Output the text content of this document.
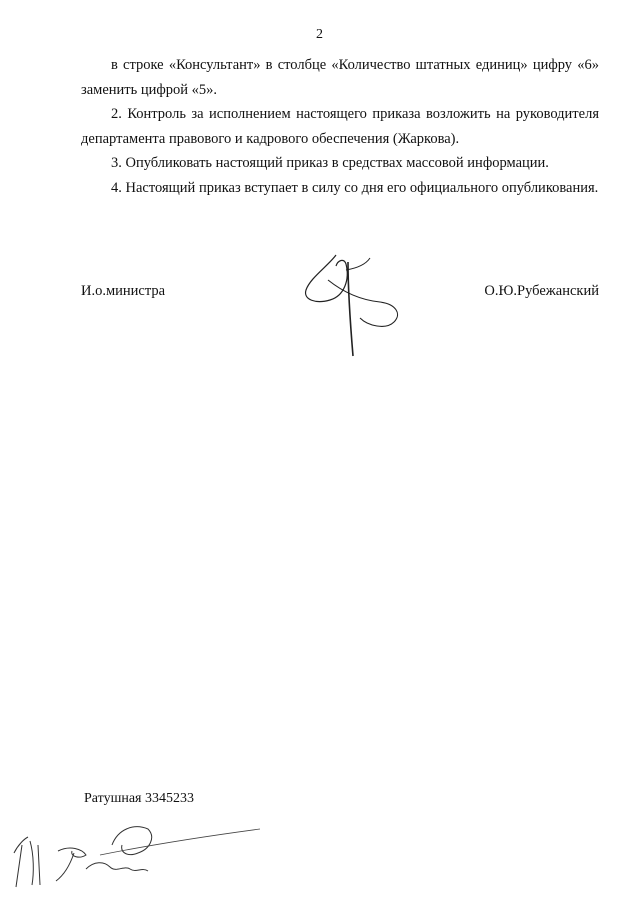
2

в строке «Консультант» в столбце «Количество штатных единиц» цифру «6» заменить цифрой «5».

2. Контроль за исполнением настоящего приказа возложить на руководителя департамента правового и кадрового обеспечения (Жаркова).

3. Опубликовать настоящий приказ в средствах массовой информации.

4. Настоящий приказ вступает в силу со дня его официального опубликования.

И.о.министра	О.Ю.Рубежанский
Ратушная 3345233
